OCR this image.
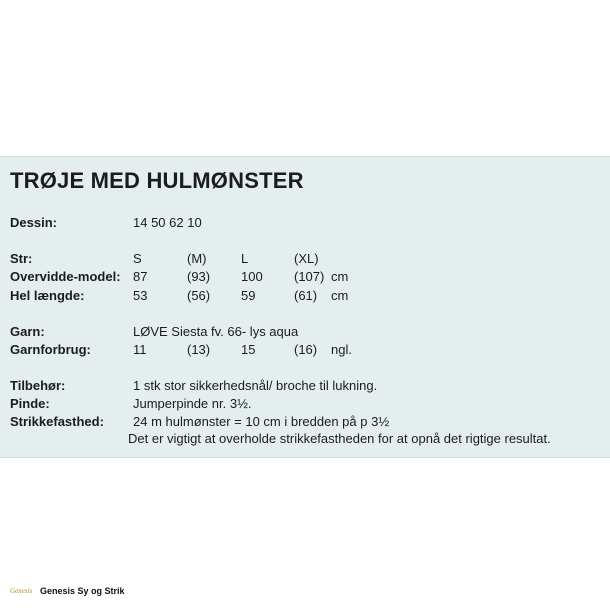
TRØJE MED HULMØNSTER
Dessin:	14 50 62 10
Str:	S	(M)	L	(XL)
Overvidde-model: 87	(93) 100 (107) cm
Hel længde:	53	(56) 59	(61) cm
Garn:	LØVE Siesta fv. 66- lys aqua
Garnforbrug:	11	(13) 15	(16) ngl.
Tilbehør:	1 stk stor sikkerhedsnål/ broche til lukning.
Pinde:	Jumperpinde nr. 3½.
Strikkefasthed: 24 m hulmønster = 10 cm i bredden på p 3½
Det er vigtigt at overholde strikkefastheden for at opnå det rigtige resultat.
Genesis Genesis Sy og Strik
